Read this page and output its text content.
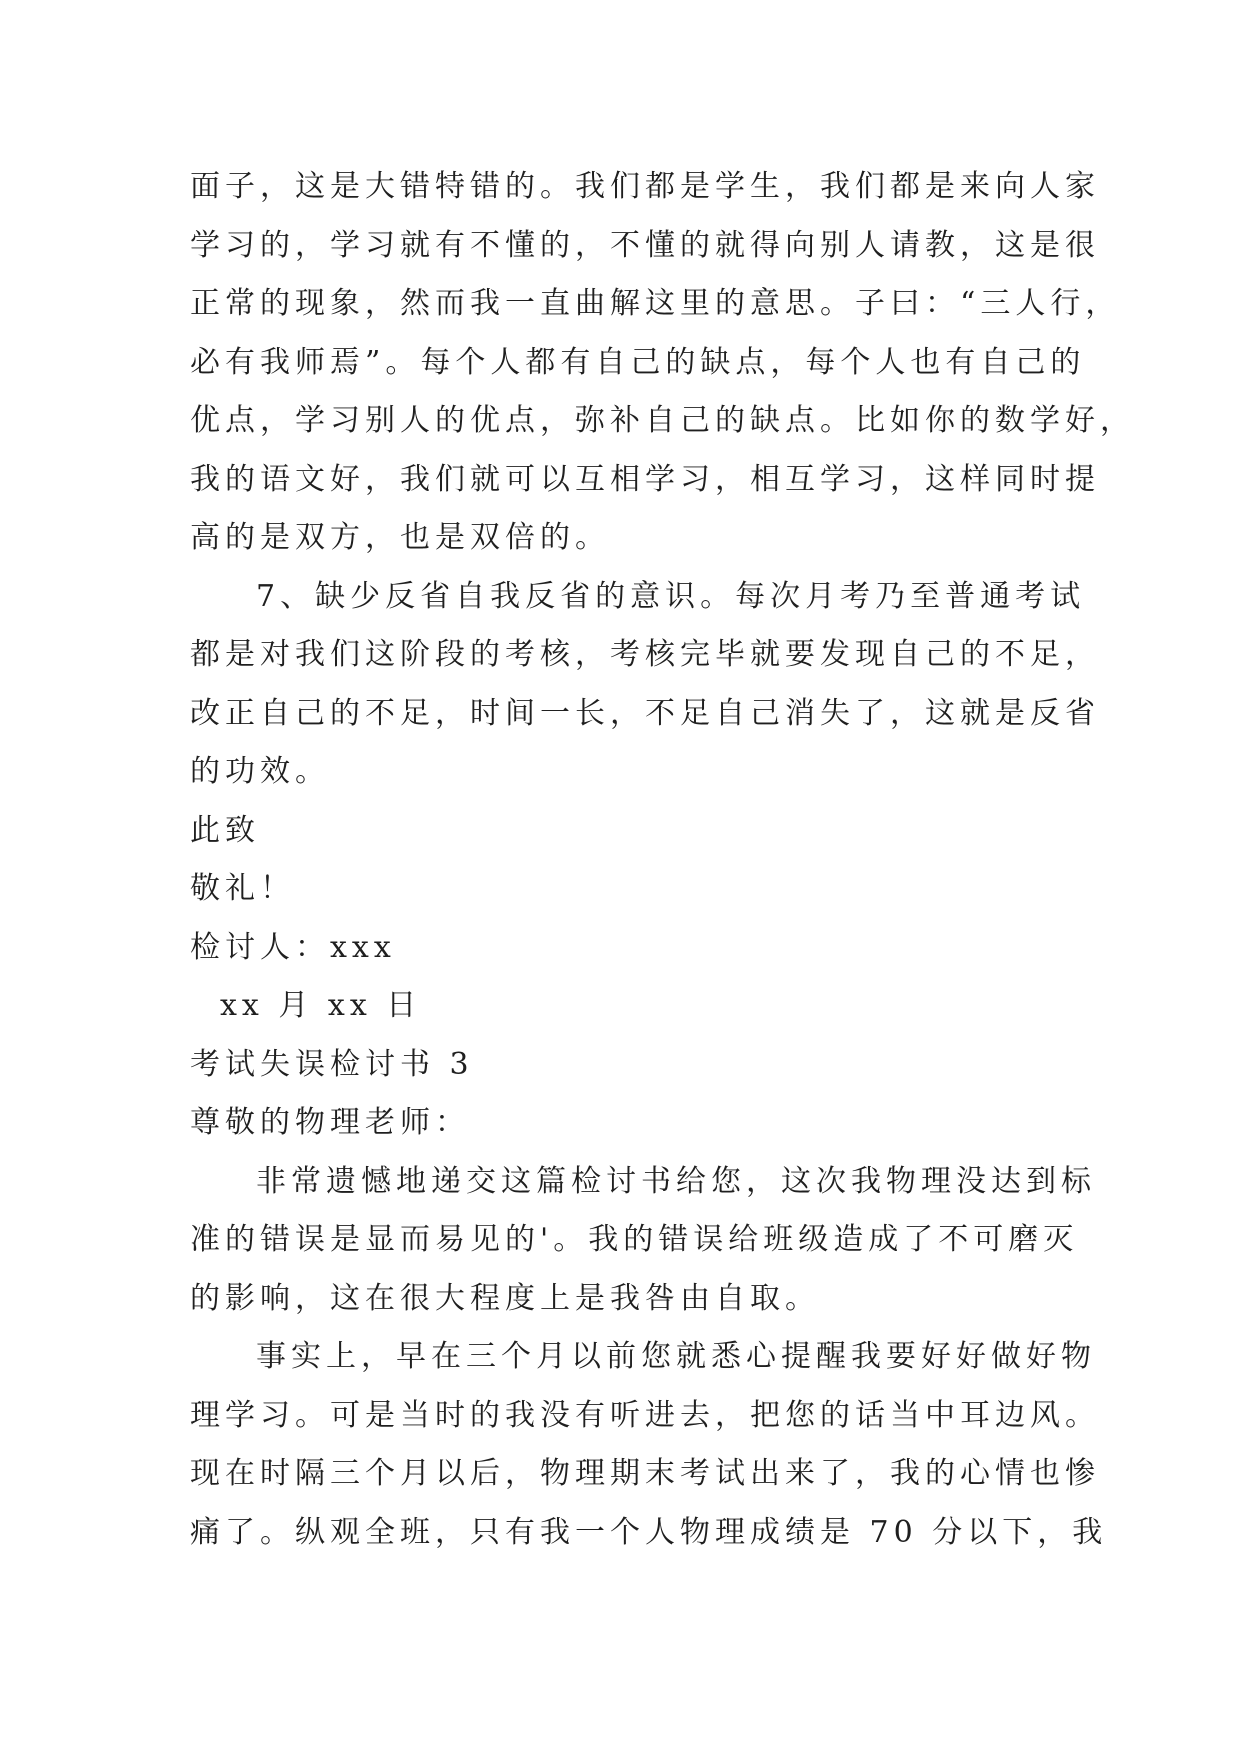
面子，这是大错特错的。我们都是学生，我们都是来向人家
学习的，学习就有不懂的，不懂的就得向别人请教，这是很
正常的现象，然而我一直曲解这里的意思。子曰：“三人行，
必有我师焉”。每个人都有自己的缺点，每个人也有自己的
优点，学习别人的优点，弥补自己的缺点。比如你的数学好，
我的语文好，我们就可以互相学习，相互学习，这样同时提
高的是双方，也是双倍的。
7、缺少反省自我反省的意识。每次月考乃至普通考试
都是对我们这阶段的考核，考核完毕就要发现自己的不足，
改正自己的不足，时间一长，不足自己消失了，这就是反省
的功效。
此致
敬礼！
检讨人：xxx
xx 月 xx 日
考试失误检讨书 3
尊敬的物理老师：
非常遗憾地递交这篇检讨书给您，这次我物理没达到标
准的错误是显而易见的'。我的错误给班级造成了不可磨灭
的影响，这在很大程度上是我咎由自取。
事实上，早在三个月以前您就悉心提醒我要好好做好物
理学习。可是当时的我没有听进去，把您的话当中耳边风。
现在时隔三个月以后，物理期末考试出来了，我的心情也惨
痛了。纵观全班，只有我一个人物理成绩是 70 分以下，我
